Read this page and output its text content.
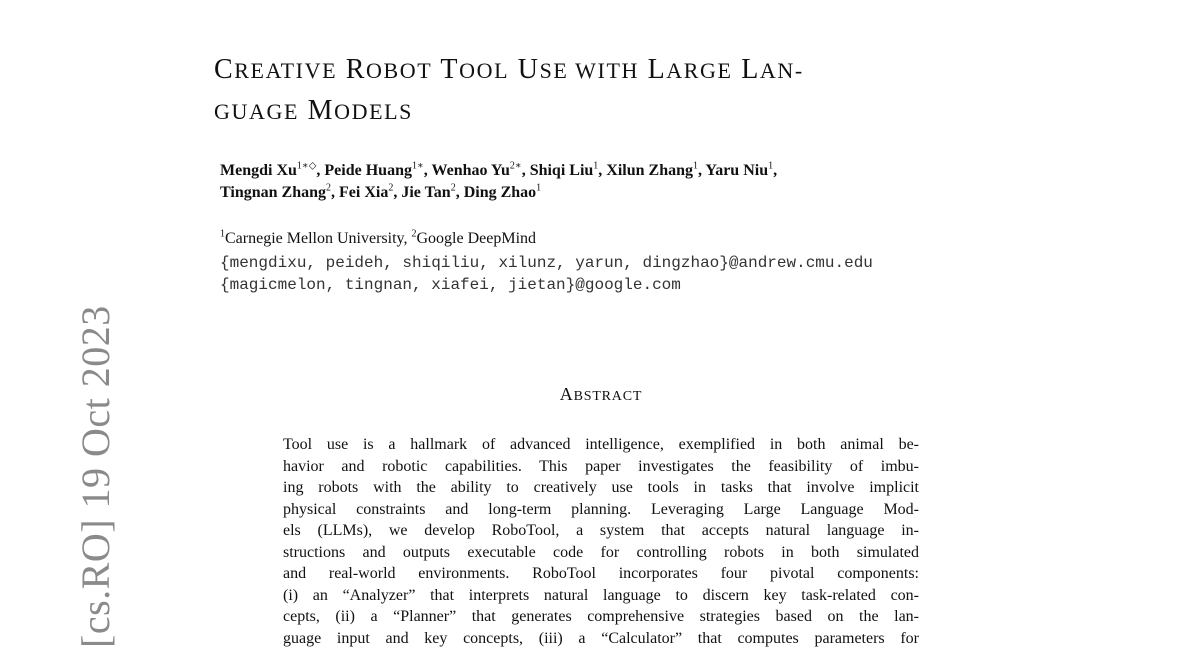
[cs.RO] 19 Oct 2023
CREATIVE ROBOT TOOL USE WITH LARGE LAN-
GUAGE MODELS
Mengdi $Xu^{1∗◇}$, Peide Huang$^{1∗}$, Wenhao $Yu^{2∗}$, Shiqi Liu$^1$, Xilun Zhang$^1$, Yaru Niu$^1$,
Tingnan Zhang$^2$, Fei Xia$^2$, Jie Tan$^2$, Ding Zhao$^1$
$^1$Carnegie Mellon University, $^2$Google DeepMind
{mengdixu, peideh, shiqiliu, xilunz, yarun, dingzhao}@andrew.cmu.edu
{magicmelon, tingnan, xiafei, jietan}@google.com
ABSTRACT
Tool use is a hallmark of advanced intelligence, exemplified in both animal be-
havior and robotic capabilities. This paper investigates the feasibility of imbu-
ing robots with the ability to creatively use tools in tasks that involve implicit
physical constraints and long-term planning. Leveraging Large Language Mod-
els (LLMs), we develop RoboTool, a system that accepts natural language in-
structions and outputs executable code for controlling robots in both simulated
and real-world environments. RoboTool incorporates four pivotal components:
(i) an “Analyzer” that interprets natural language to discern key task-related con-
cepts, (ii) a “Planner” that generates comprehensive strategies based on the lan-
guage input and key concepts, (iii) a “Calculator” that computes parameters for
